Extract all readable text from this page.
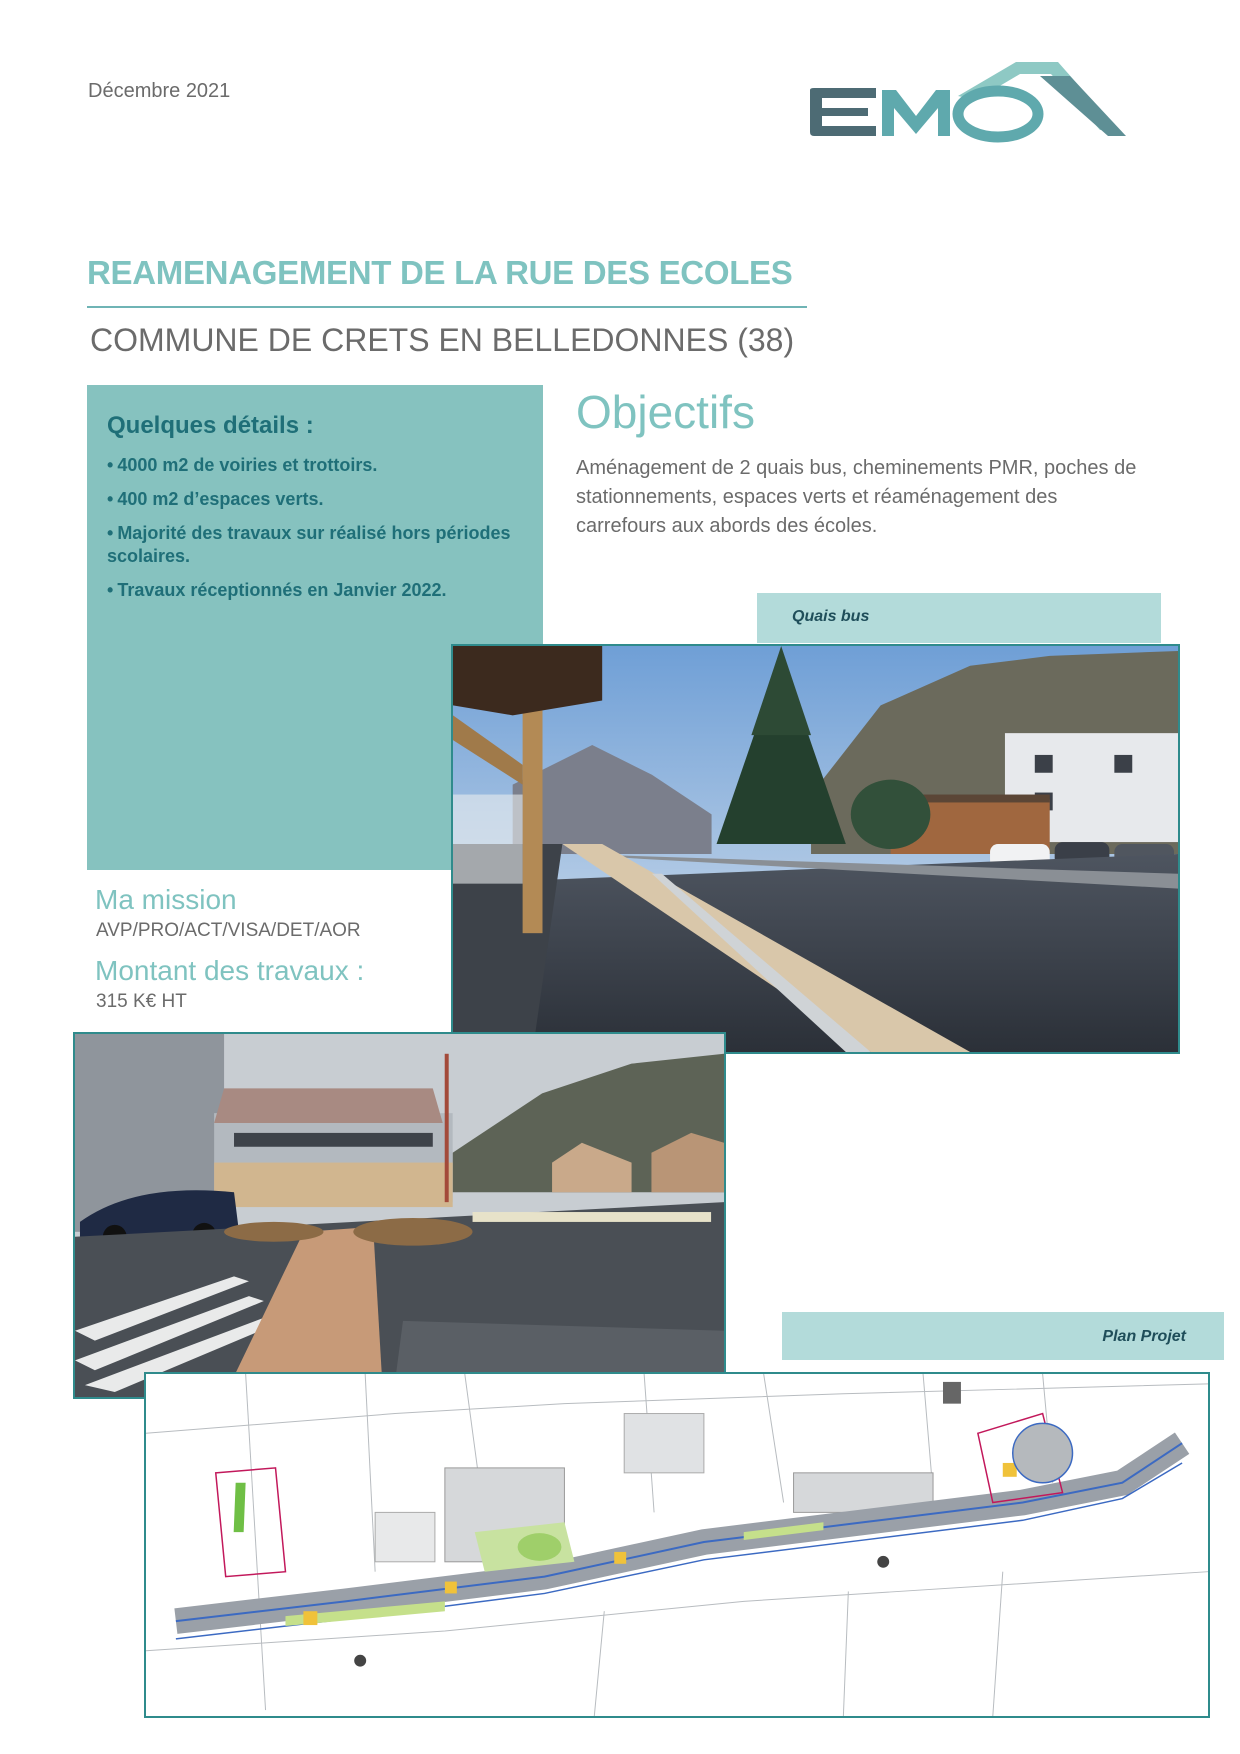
Décembre 2021
REAMENAGEMENT DE LA RUE DES ECOLES
COMMUNE DE CRETS EN BELLEDONNES (38)
Quelques détails :
• 4000 m2 de voiries et trottoirs.
• 400 m2 d’espaces verts.
• Majorité des travaux sur réalisé hors périodes scolaires.
• Travaux réceptionnés en Janvier 2022.
Objectifs
Aménagement de 2 quais bus, cheminements PMR, poches de stationnements, espaces verts et réaménagement des carrefours aux abords des écoles.
Quais bus
Ma mission
AVP/PRO/ACT/VISA/DET/AOR
Montant des travaux :
315 K€ HT
Plan Projet
